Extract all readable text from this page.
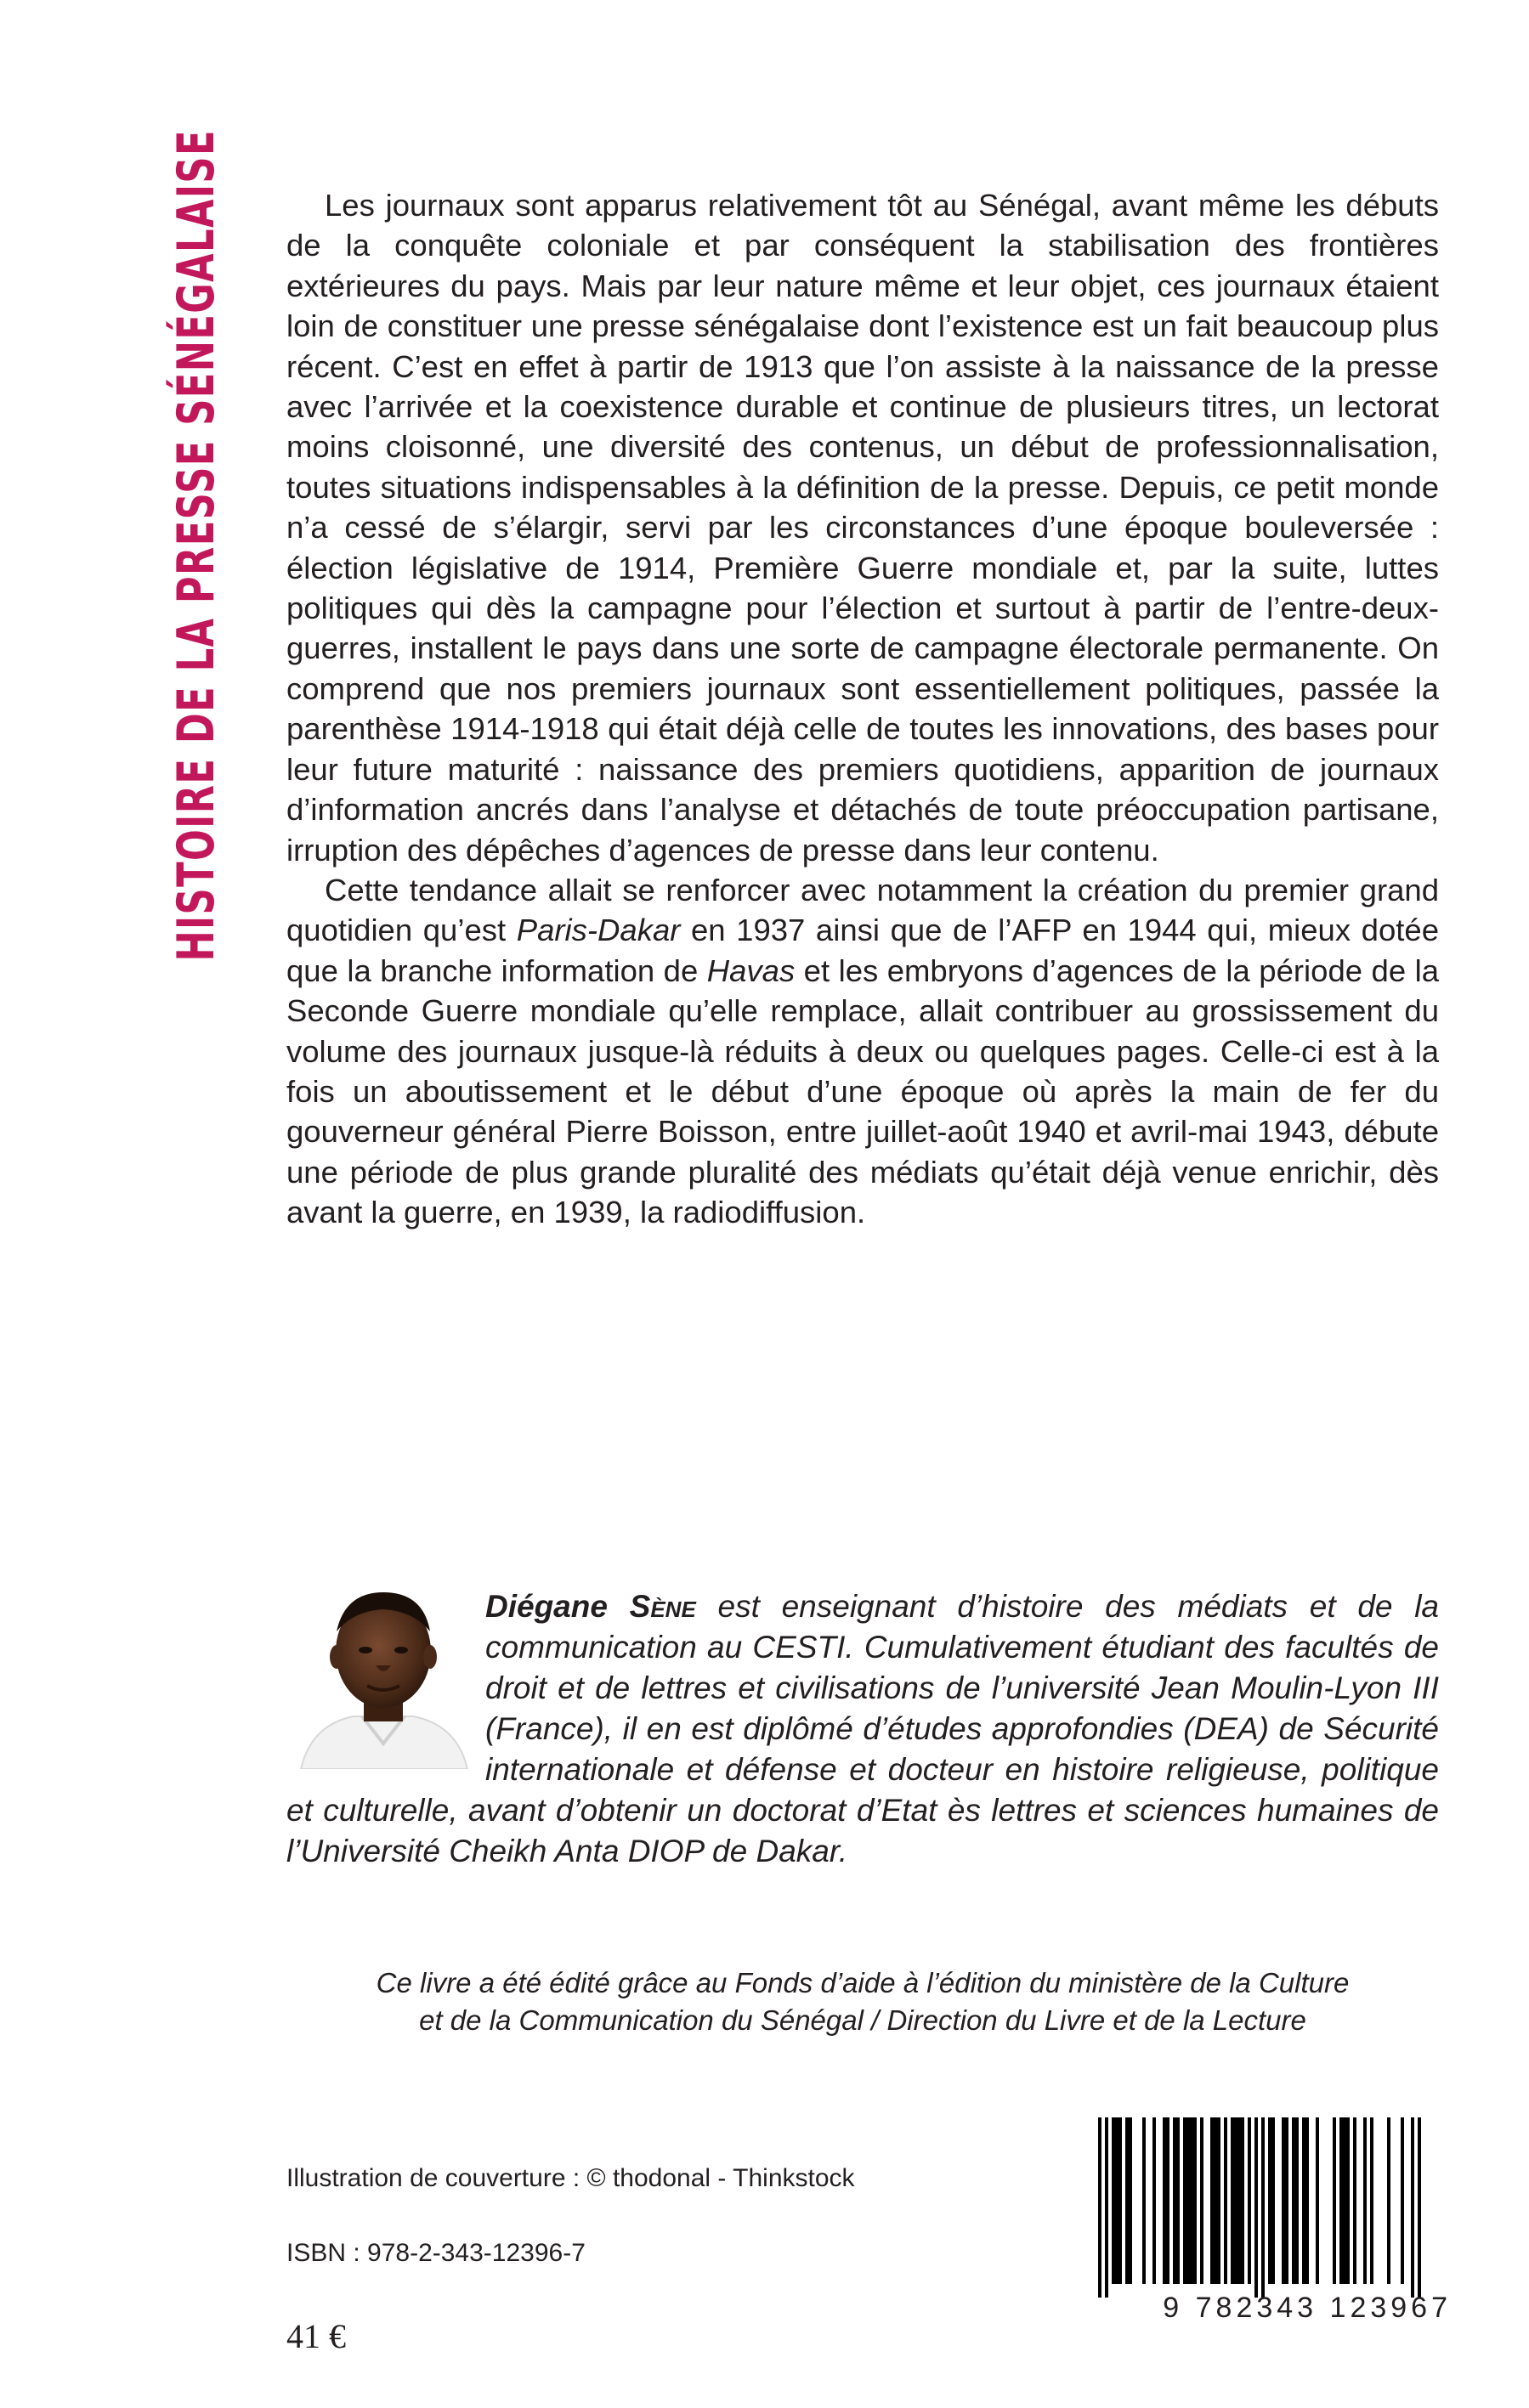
HISTOIRE DE LA PRESSE SÉNÉGALAISE	Les journaux sont apparus relativement tôt au Sénégal, avant même les débuts de la conquête coloniale et par conséquent la stabilisation des frontières extérieures du pays. Mais par leur nature même et leur objet, ces journaux étaient loin de constituer une presse sénégalaise dont l’existence est un fait beaucoup plus récent. C’est en effet à partir de 1913 que l’on assiste à la naissance de la presse avec l’arrivée et la coexistence durable et continue de plusieurs titres, un lectorat moins cloisonné, une diversité des contenus, un début de professionnalisation, toutes situations indispensables à la définition de la presse. Depuis, ce petit monde n’a cessé de s’élargir, servi par les circonstances d’une époque bouleversée : élection législative de 1914, Première Guerre mondiale et, par la suite, luttes politiques qui dès la campagne pour l’élection et surtout à partir de l’entre-deux-guerres, installent le pays dans une sorte de campagne électorale permanente. On comprend que nos premiers journaux sont essentiellement politiques, passée la parenthèse 1914-1918 qui était déjà celle de toutes les innovations, des bases pour leur future maturité : naissance des premiers quotidiens, apparition de journaux d’information ancrés dans l’analyse et détachés de toute préoccupation partisane, irruption des dépêches d’agences de presse dans leur contenu.

Cette tendance allait se renforcer avec notamment la création du premier grand quotidien qu’est Paris-Dakar en 1937 ainsi que de l’AFP en 1944 qui, mieux dotée que la branche information de Havas et les embryons d’agences de la période de la Seconde Guerre mondiale qu’elle remplace, allait contribuer au grossissement du volume des journaux jusque-là réduits à deux ou quelques pages. Celle-ci est à la fois un aboutissement et le début d’une époque où après la main de fer du gouverneur général Pierre Boisson, entre juillet-août 1940 et avril-mai 1943, débute une période de plus grande pluralité des médiats qu’était déjà venue enrichir, dès avant la guerre, en 1939, la radiodiffusion.

Diégane Sène est enseignant d’histoire des médiats et de la communication au CESTI. Cumulativement étudiant des facultés de droit et de lettres et civilisations de l’université Jean Moulin-Lyon III (France), il en est diplômé d’études approfondies (DEA) de Sécurité internationale et défense et docteur en histoire religieuse, politique et culturelle, avant d’obtenir un doctorat d’Etat ès lettres et sciences humaines de l’Université Cheikh Anta DIOP de Dakar.
Ce livre a été édité grâce au Fonds d’aide à l’édition du ministère de la Culture
et de la Communication du Sénégal / Direction du Livre et de la Lecture
Illustration de couverture : © thodonal - Thinkstock
ISBN : 978-2-343-12396-7
41 €
9 782343 123967
